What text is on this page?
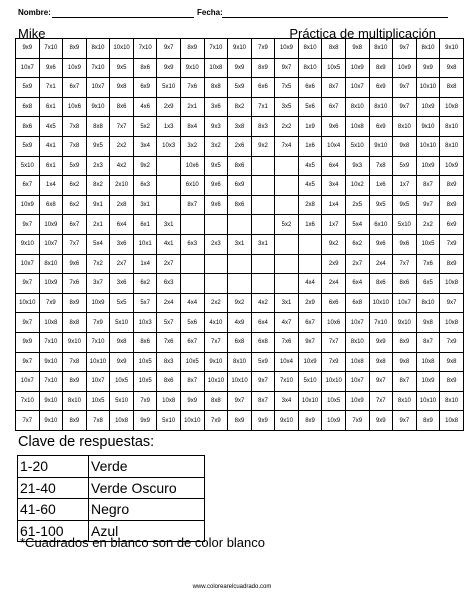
Nombre:	Fecha:
Mike	Práctica de multiplicación
9x9	7x10	8x9	8x10	10x10	7x10	9x7	8x9	7x10	9x10	7x9	10x9	8x10	8x8	9x8	8x10	9x7	8x10	9x10
10x7	9x6	10x9	7x10	9x5	8x6	9x9	9x10	10x8	9x9	8x9	9x7	8x10	10x5	10x9	8x9	10x9	9x9	9x8
5x9	7x1	6x7	10x7	9x8	6x9	5x10	7x6	8x8	5x9	6x6	7x5	6x6	8x7	10x7	6x9	9x7	10x10	8x8
6x8	6x1	10x6	9x10	8x6	4x6	2x9	2x1	3x6	8x2	7x1	3x5	5x6	6x7	8x10	8x10	9x7	10x9	10x8
8x6	4x5	7x8	8x8	7x7	5x2	1x3	8x4	9x3	3x8	8x3	2x2	1x9	9x6	10x8	6x9	8x10	9x10	8x10
5x9	4x1	7x8	9x5	2x2	3x4	10x3	3x2	3x2	2x6	9x2	7x4	1x6	10x4	5x10	9x10	9x8	10x10	8x10
5x10	6x1	5x9	2x3	4x2	9x2		10x6	9x5	8x6			4x5	6x4	9x3	7x8	5x9	10x9	10x9
6x7	1x4	6x2	8x2	2x10	6x3		6x10	9x6	6x9			4x5	3x4	10x2	1x6	1x7	8x7	8x9
10x9	6x8	6x2	9x1	2x8	3x1		8x7	9x6	8x6			2x8	1x4	2x5	9x5	9x5	9x7	8x9
9x7	10x9	6x7	2x1	6x4	6x1	3x1					5x2	1x6	1x7	5x4	6x10	5x10	2x2	6x9
9x10	10x7	7x7	5x4	3x6	10x1	4x1	6x3	2x3	3x1	3x1			9x2	6x2	9x6	9x6	10x5	7x9
10x7	8x10	9x6	7x2	2x7	1x4	2x7							2x9	2x7	2x4	7x7	7x6	8x9
9x7	10x9	7x6	3x7	3x6	6x2	6x3						4x4	2x4	6x4	8x6	8x6	6x5	10x8
10x10	7x9	8x9	10x9	5x5	5x7	2x4	4x4	2x2	9x2	4x2	3x1	2x9	6x6	6x8	10x10	10x7	8x10	9x7
9x7	10x8	8x8	7x9	5x10	10x3	5x7	5x6	4x10	4x9	6x4	4x7	6x7	10x6	10x7	7x10	9x10	9x8	10x8
9x9	7x10	9x10	7x10	9x8	8x6	7x6	6x7	7x7	6x8	6x8	7x6	9x7	7x7	8x10	9x9	8x9	8x7	7x9
9x7	9x10	7x8	10x10	9x9	10x5	8x3	10x5	9x10	8x10	5x9	10x4	10x9	7x9	10x8	9x8	9x8	10x8	9x8
10x7	7x10	8x9	10x7	10x5	10x5	8x6	8x7	10x10	10x10	9x7	7x10	5x10	10x10	10x7	9x7	8x7	10x9	8x9
7x10	9x10	8x10	10x5	5x10	7x9	10x8	9x9	8x8	9x7	8x7	3x4	10x10	10x5	10x9	7x7	8x10	10x10	8x10
7x7	9x10	8x9	7x8	10x8	9x9	5x10	10x10	7x9	8x9	9x9	9x10	8x9	10x9	7x9	9x9	9x7	8x9	10x8
Clave de respuestas:
1-20	Verde
21-40	Verde Oscuro
41-60	Negro
61-100	Azul
*Cuadrados en blanco son de color blanco
www.colorearelcuadrado.com
